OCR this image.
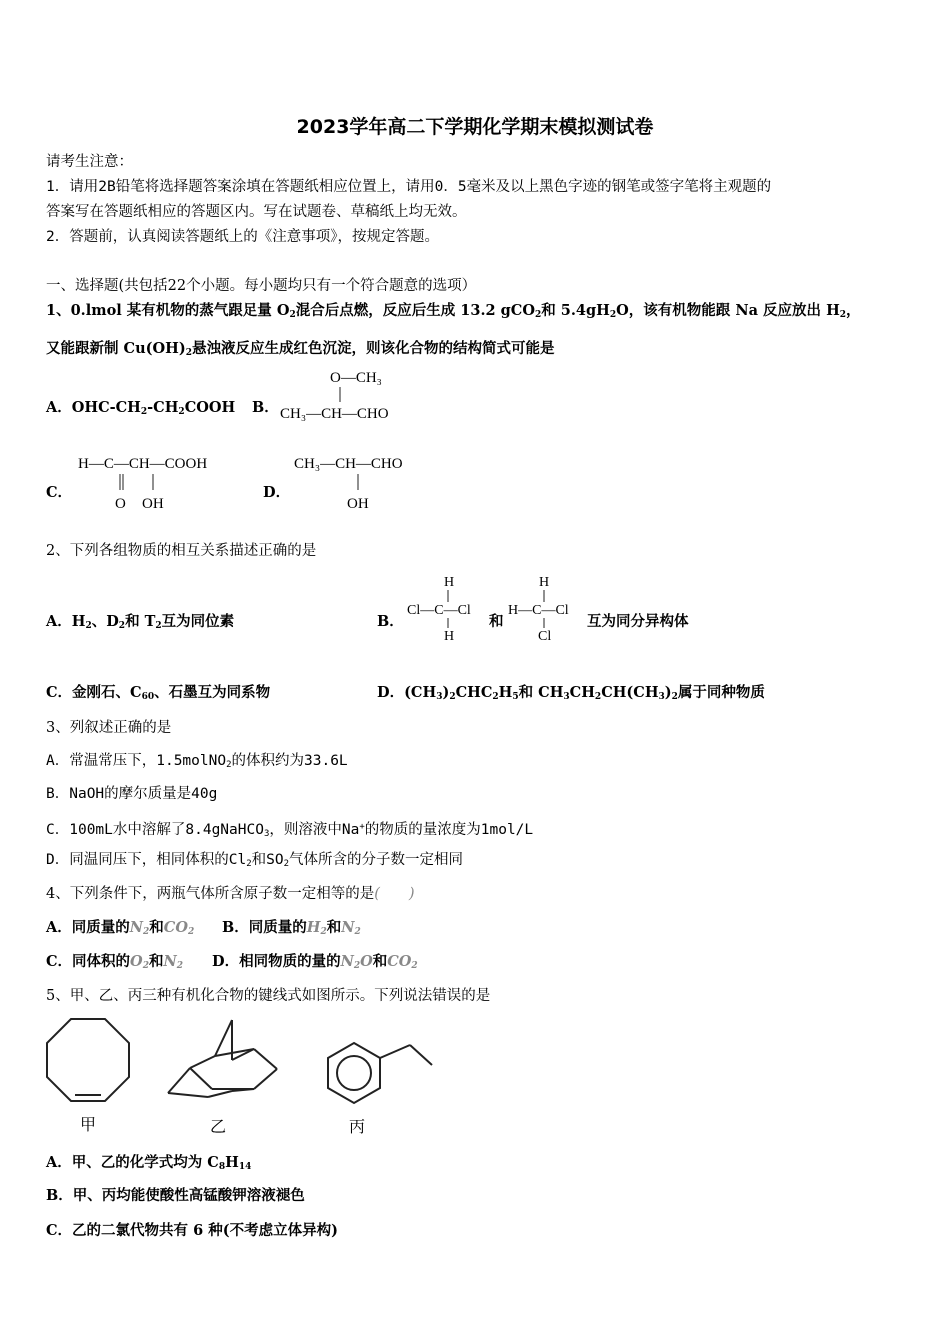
2023学年高二下学期化学期末模拟测试卷
请考生注意：
1．请用2B铅笔将选择题答案涂填在答题纸相应位置上，请用0．5毫米及以上黑色字迹的钢笔或签字笔将主观题的
答案写在答题纸相应的答题区内。写在试题卷、草稿纸上均无效。
2．答题前，认真阅读答题纸上的《注意事项》，按规定答题。
一、选择题(共包括22个小题。每小题均只有一个符合题意的选项）
1、0.lmol 某有机物的蒸气跟足量 $O_2$混合后点燃，反应后生成 13.2 gCO$_2$和 $5.4gH_2O$，该有机物能跟 Na 反应放出 $H_2$，
又能跟新制 $Cu(OH)_2$悬浊液反应生成红色沉淀，则该化合物的结构简式可能是
A．OHC-$CH_2-CH_2COOH$ B．
O—CH₃
CH₃—CH—CHO
C．
H—C—CH—COOH
O OH
D．
CH₃—CH—CHO
OH
2、下列各组物质的相互关系描述正确的是
A．$H_2$、$D_2$和 $T_2$互为同位素	B．
H
Cl—C—Cl
H
和
H
H—C—Cl
Cl
互为同分异构体
C．金刚石、$C_{60}$、石墨互为同系物	D．$(CH_3)_2CHC_2H_5$和 $CH_3CH_2CH(CH_3)_2$属于同种物质
3、列叙述正确的是
A．常温常压下，1.5molNO$_2$的体积约为33.6L
B．NaOH的摩尔质量是40g
C．100mL水中溶解了8.4gNaHCO$_3$，则溶液中Na+的物质的量浓度为1mol/L
D．同温同压下，相同体积的$Cl_2$和$SO_2$气体所含的分子数一定相同
4、下列条件下，两瓶气体所含原子数一定相等的是(　　)
A．同质量的$N_2$和$CO_2$ B．同质量的$H_2$和$N_2$
C．同体积的$O_2$和$N_2$ D．相同物质的量的$N_2O$和$CO_2$
5、甲、乙、丙三种有机化合物的键线式如图所示。下列说法错误的是
甲	乙	丙
A．甲、乙的化学式均为 $C_8H_{14}$
B．甲、丙均能使酸性高锰酸钾溶液褪色
C．乙的二氯代物共有 6 种(不考虑立体异构)
